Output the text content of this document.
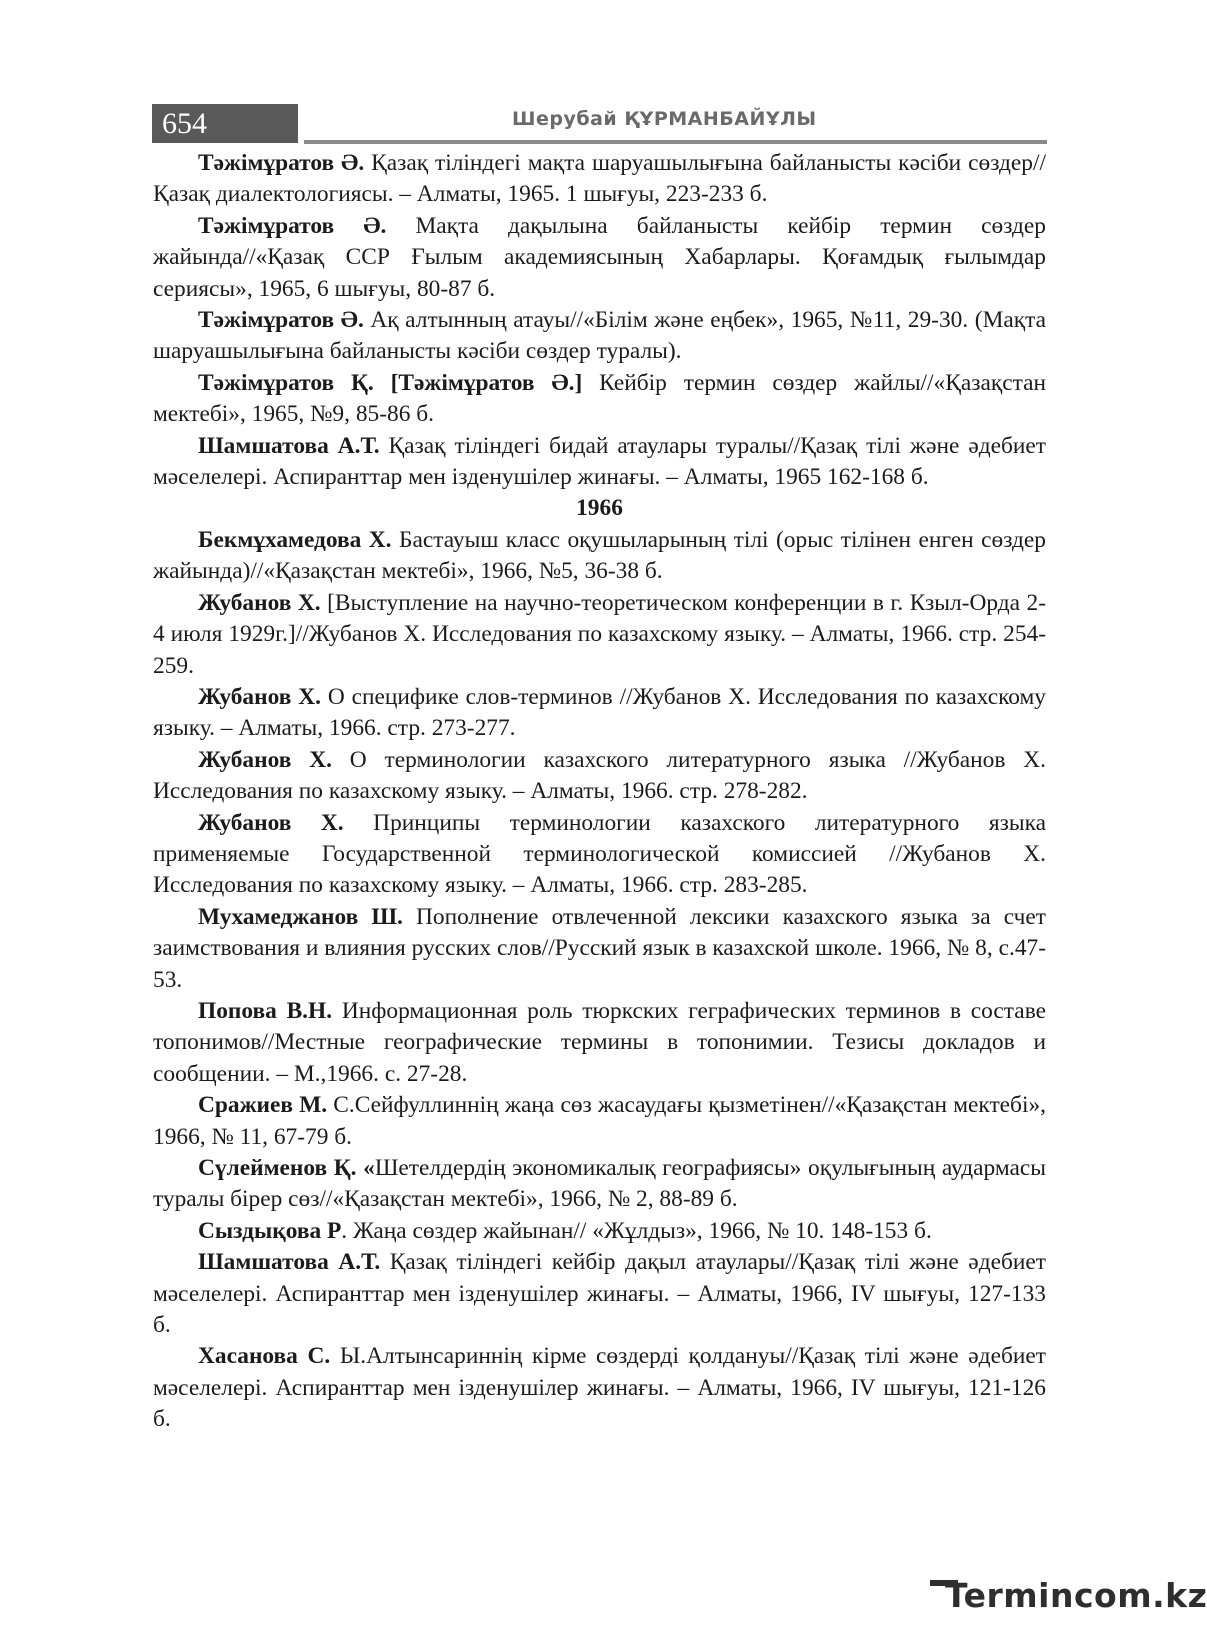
654	Шерубай ҚҰРМАНБАЙҰЛЫ

Тәжімұратов Ә. Қазақ тіліндегі мақта шаруашылығына байланысты кәсіби сөздер//Қазақ диалектологиясы. – Алматы, 1965. 1 шығуы, 223-233 б.

Тәжімұратов Ә. Мақта дақылына байланысты кейбір термин сөздер жайында//«Қазақ ССР Ғылым академиясының Хабарлары. Қоғамдық ғылымдар сериясы», 1965, 6 шығуы, 80-87 б.

Тәжімұратов Ә. Ақ алтынның атауы//«Білім және еңбек», 1965, №11, 29-30. (Мақта шаруашылығына байланысты кәсіби сөздер туралы).

Тәжімұратов Қ. [Тәжімұратов Ә.] Кейбір термин сөздер жайлы//«Қазақстан мектебі», 1965, №9, 85-86 б.

Шамшатова А.Т. Қазақ тіліндегі бидай атаулары туралы//Қазақ тілі және әдебиет мәселелері. Аспиранттар мен ізденушілер жинағы. – Алматы, 1965 162-168 б.

1966

Бекмұхамедова Х. Бастауыш класс оқушыларының тілі (орыс тілінен енген сөздер жайында)//«Қазақстан мектебі», 1966, №5, 36-38 б.

Жубанов Х. [Выступление на научно-теоретическом конференции в г. Кзыл-Орда 2-4 июля 1929г.]//Жубанов Х. Исследования по казахскому языку. – Алматы, 1966. стр. 254-259.

Жубанов Х. О специфике слов-терминов //Жубанов Х. Исследования по казахскому языку. – Алматы, 1966. стр. 273-277.

Жубанов Х. О терминологии казахского литературного языка //Жубанов Х. Исследования по казахскому языку. – Алматы, 1966. стр. 278-282.

Жубанов Х. Принципы терминологии казахского литературного языка применяемые Государственной терминологической комиссией //Жубанов Х. Исследования по казахскому языку. – Алматы, 1966. стр. 283-285.

Мухамеджанов Ш. Пополнение отвлеченной лексики казахского языка за счет заимствования и влияния русских слов//Русский язык в казахской школе. 1966, № 8, с.47-53.

Попова В.Н. Информационная роль тюркских геграфических терминов в составе топонимов//Местные географические термины в топонимии. Тезисы докладов и сообщении. – М.,1966. с. 27-28.

Сражиев М. С.Сейфуллиннің жаңа сөз жасаудағы қызметінен//«Қазақстан мектебі», 1966, № 11, 67-79 б.

Сүлейменов Қ. «Шетелдердің экономикалық географиясы» оқулығының аудармасы туралы бірер сөз//«Қазақстан мектебі», 1966, № 2, 88-89 б.

Сыздықова Р. Жаңа сөздер жайынан// «Жұлдыз», 1966, № 10. 148-153 б.

Шамшатова А.Т. Қазақ тіліндегі кейбір дақыл атаулары//Қазақ тілі және әдебиет мәселелері. Аспиранттар мен ізденушілер жинағы. – Алматы, 1966, IV шығуы, 127-133 б.

Хасанова С. Ы.Алтынсариннің кірме сөздерді қолдануы//Қазақ тілі және әдебиет мәселелері. Аспиранттар мен ізденушілер жинағы. – Алматы, 1966, IV шығуы, 121-126 б.

Termincom.kz
